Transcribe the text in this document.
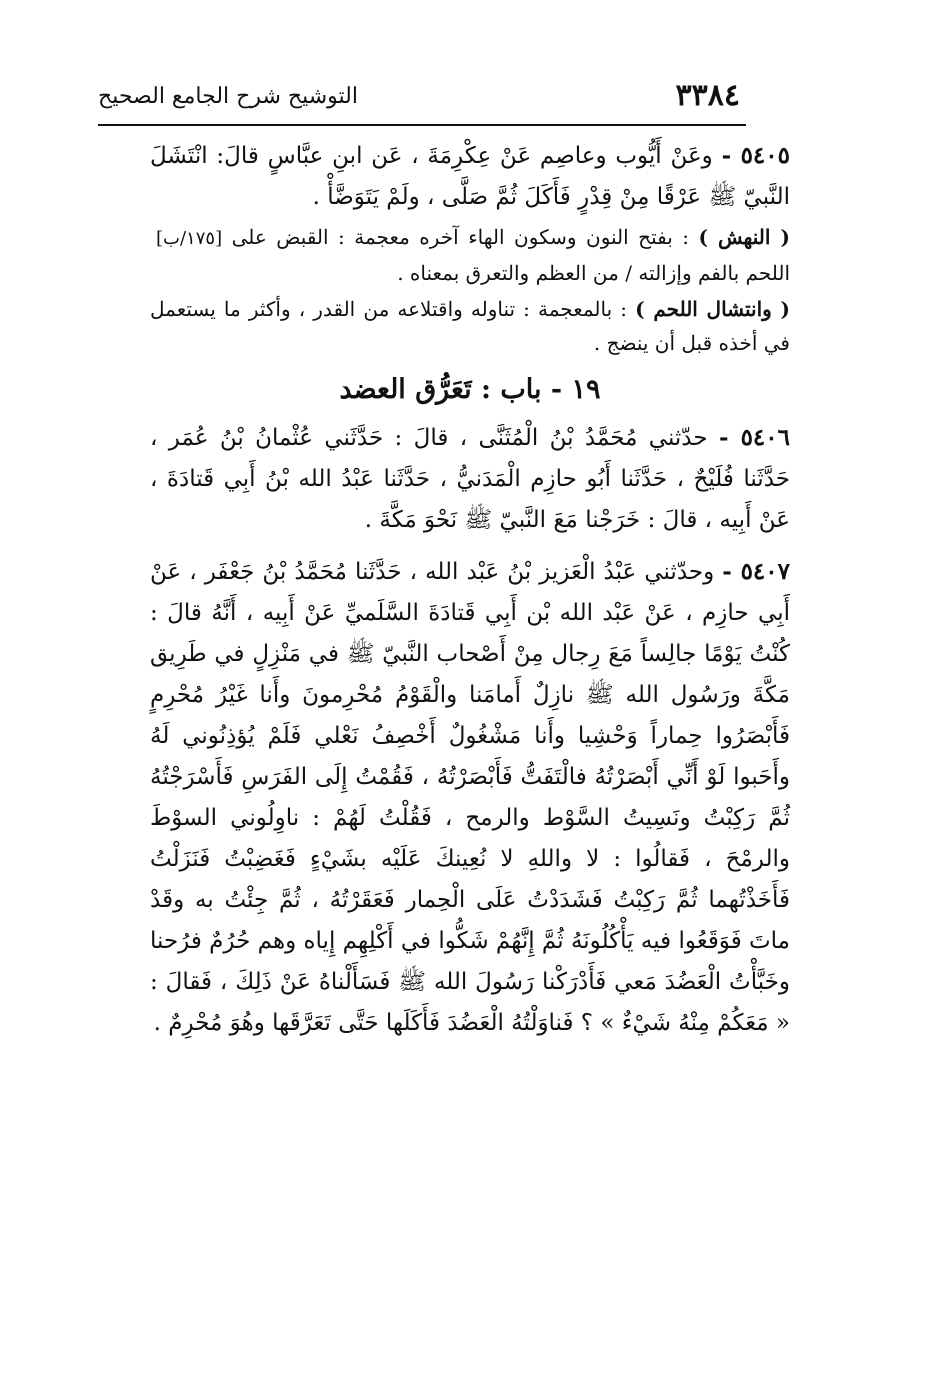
٣٣٨٤
التوشيح شرح الجامع الصحيح

٥٤٠٥ - وعَنْ أَيُّوب وعاصِم عَنْ عِكْرِمَةَ ، عَن ابنِ عبَّاسٍ قالَ: انْتَشَلَ النَّبيّ ﷺ عَرْقًا مِنْ قِدْرٍ فَأَكَلَ ثُمَّ صَلَّى ، ولَمْ يَتَوَضَّأْ .

( النهش ) : بفتح النون وسكون الهاء آخره معجمة : القبض على [١٧٥/ب] اللحم بالفم وإزالته / من العظم والتعرق بمعناه .

( وانتشال اللحم ) : بالمعجمة : تناوله واقتلاعه من القدر ، وأكثر ما يستعمل في أخذه قبل أن ينضج .

١٩ - باب : تَعَرُّق العضد

٥٤٠٦ - حدّثني مُحَمَّدُ بْنُ الْمُثَنَّى ، قالَ : حَدَّثَني عُثْمانُ بْنُ عُمَر ، حَدَّثَنا فُلَيْحٌ ، حَدَّثَنا أَبُو حازِم الْمَدَنيُّ ، حَدَّثَنا عَبْدُ الله بْنُ أَبِي قَتادَةَ ، عَنْ أَبِيه ، قالَ : خَرَجْنا مَعَ النَّبيّ ﷺ نَحْوَ مَكَّةَ .

٥٤٠٧ - وحدّثني عَبْدُ الْعَزيز بْنُ عَبْد الله ، حَدَّثَنا مُحَمَّدُ بْنُ جَعْفَر ، عَنْ أَبِي حازِم ، عَنْ عَبْد الله بْن أَبِي قَتادَةَ السَّلَميِّ عَنْ أَبِيه ، أَنَّهُ قالَ : كُنْتُ يَوْمًا جالِساً مَعَ رِجال مِنْ أَصْحاب النَّبيّ ﷺ في مَنْزِلٍ في طَرِيق مَكَّةَ ورَسُول الله ﷺ نازِلٌ أَمامَنا والْقَوْمُ مُحْرِمونَ وأَنا غَيْرُ مُحْرِمٍ فَأَبْصَرُوا حِماراً وَحْشِيا وأَنا مَشْغُولٌ أَخْصِفُ نَعْلي فَلَمْ يُؤذِنُوني لَهُ وأَحَبوا لَوْ أَنِّي أَبْصَرْتُهُ فالْتَفَتُّ فَأَبْصَرْتُهُ ، فَقُمْتُ إِلَى الفَرَسِ فَأَسْرَجْتُهُ ثُمَّ رَكِبْتُ ونَسِيتُ السَّوْط والرمح ، فَقُلْتُ لَهُمْ : ناوِلُوني السوْطَ والرمْحَ ، فَقالُوا : لا واللهِ لا نُعِينكَ عَلَيْه بشَيْءٍ فَغَضِبْتُ فَنَزَلْتُ فَأَخَذْتُهما ثُمَّ رَكِبْتُ فَشَدَدْتُ عَلَى الْحِمار فَعَقَرْتُهُ ، ثُمَّ جِئْتُ به وقَدْ ماتَ فَوَقَعُوا فيه يَأْكُلُونَهُ ثُمَّ إِنَّهُمْ شَكُّوا في أَكْلِهِم إِياه وهم حُرُمٌ فرُحنا وخَبَّأْتُ الْعَضُدَ مَعي فَأَدْرَكْنا رَسُولَ الله ﷺ فَسَأَلْناهُ عَنْ ذَلِكَ ، فَقالَ : « مَعَكُمْ مِنْهُ شَيْءٌ » ؟ فَناوَلْتُهُ الْعَضُدَ فَأَكَلَها حَتَّى تَعَرَّقَها وهُوَ مُحْرِمٌ .
